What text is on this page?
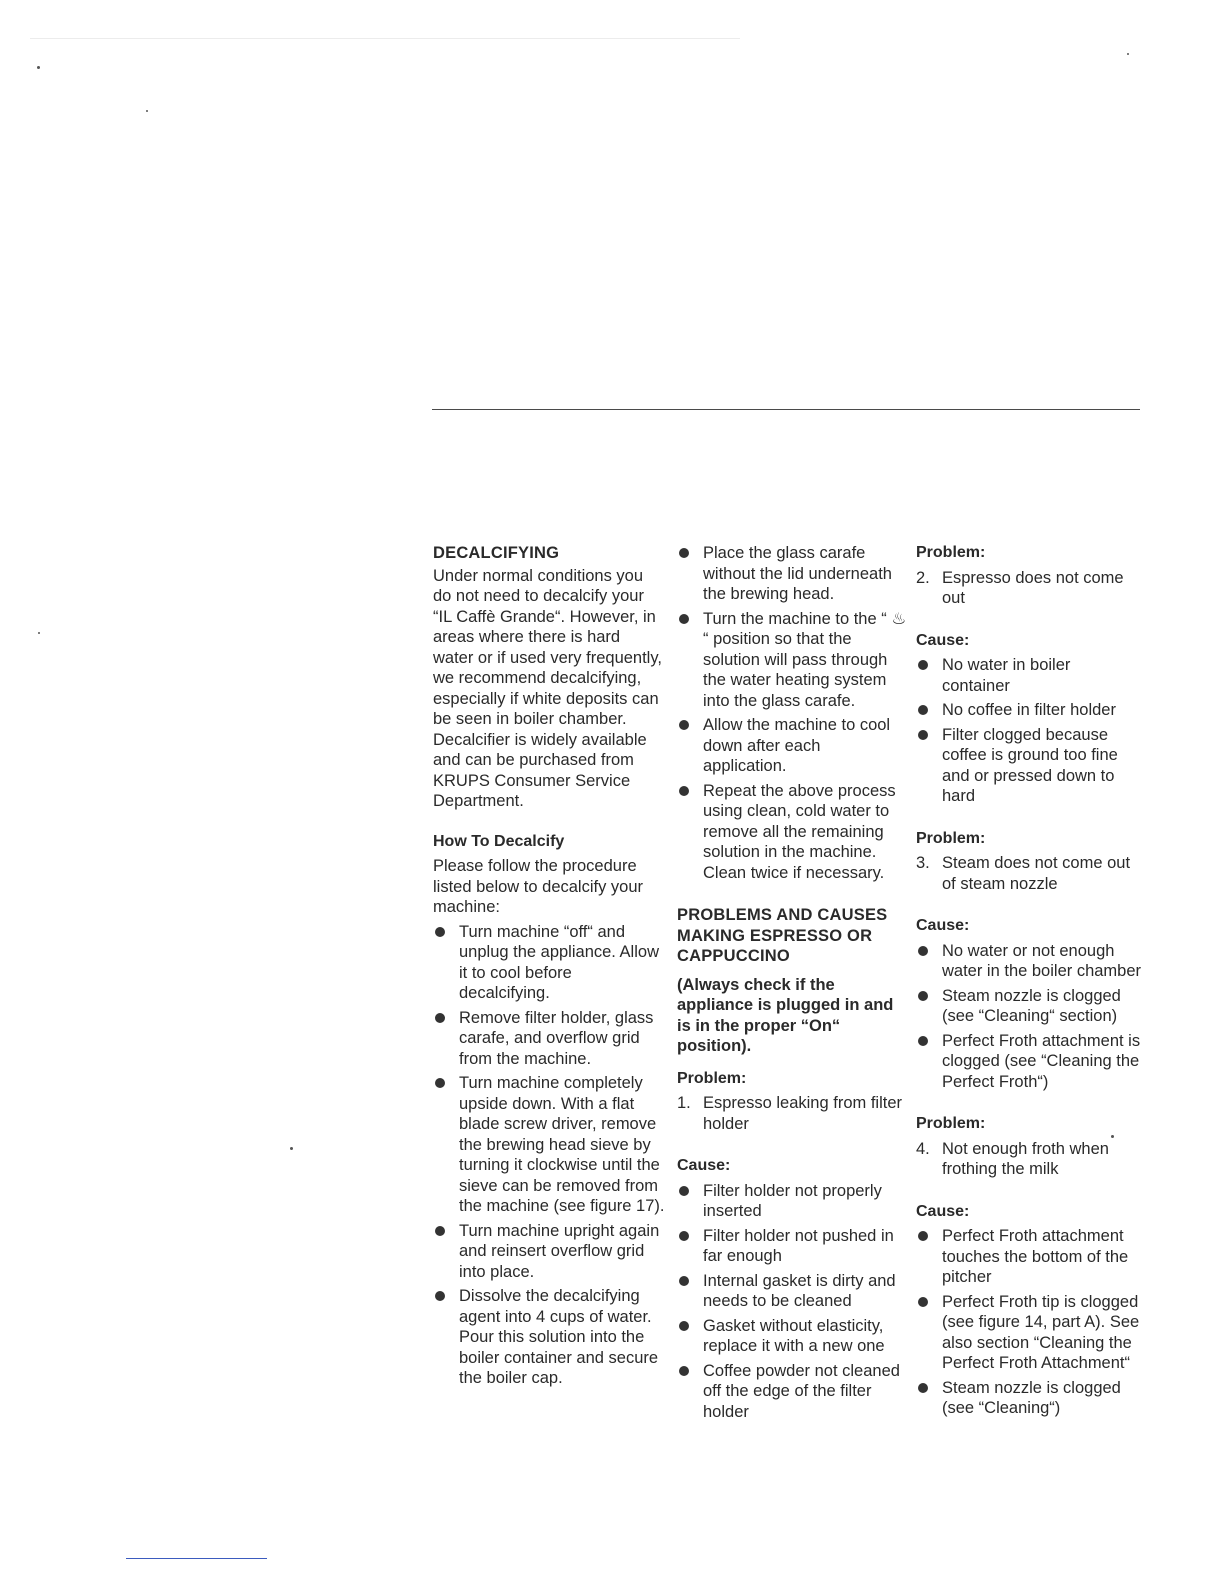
DECALCIFYING

Under normal conditions you do not need to decalcify your “IL Caffè Grande“. However, in areas where there is hard water or if used very frequently, we recommend decalcifying, especially if white deposits can be seen in boiler chamber. Decalcifier is widely available and can be purchased from KRUPS Consumer Service Department.

How To Decalcify

Please follow the procedure listed below to decalcify your machine:

Turn machine “off“ and unplug the appliance. Allow it to cool before decalcifying.
Remove filter holder, glass carafe, and overflow grid from the machine.
Turn machine completely upside down. With a flat blade screw driver, remove the brewing head sieve by turning it clockwise until the sieve can be removed from the machine (see figure 17).
Turn machine upright again and reinsert overflow grid into place.
Dissolve the decalcifying agent into 4 cups of water. Pour this solution into the boiler container and secure the boiler cap.
Place the glass carafe without the lid underneath the brewing head.
Turn the machine to the “ ♨ “ position so that the solution will pass through the water heating system into the glass carafe.
Allow the machine to cool down after each application.
Repeat the above process using clean, cold water to remove all the remaining solution in the machine. Clean twice if necessary.
PROBLEMS AND CAUSES MAKING ESPRESSO OR CAPPUCCINO

(Always check if the appliance is plugged in and is in the proper “On“ position).

Problem:
1. Espresso leaking from filter holder
Cause:
Filter holder not properly inserted
Filter holder not pushed in far enough
Internal gasket is dirty and needs to be cleaned
Gasket without elasticity, replace it with a new one
Coffee powder not cleaned off the edge of the filter holder
Problem:
2. Espresso does not come out
Cause:
No water in boiler container
No coffee in filter holder
Filter clogged because coffee is ground too fine and or pressed down to hard
Problem:
3. Steam does not come out of steam nozzle
Cause:
No water or not enough water in the boiler chamber
Steam nozzle is clogged (see “Cleaning“ section)
Perfect Froth attachment is clogged (see “Cleaning the Perfect Froth“)
Problem:
4. Not enough froth when frothing the milk
Cause:
Perfect Froth attachment touches the bottom of the pitcher
Perfect Froth tip is clogged (see figure 14, part A). See also section “Cleaning the Perfect Froth Attachment“
Steam nozzle is clogged (see “Cleaning“)
